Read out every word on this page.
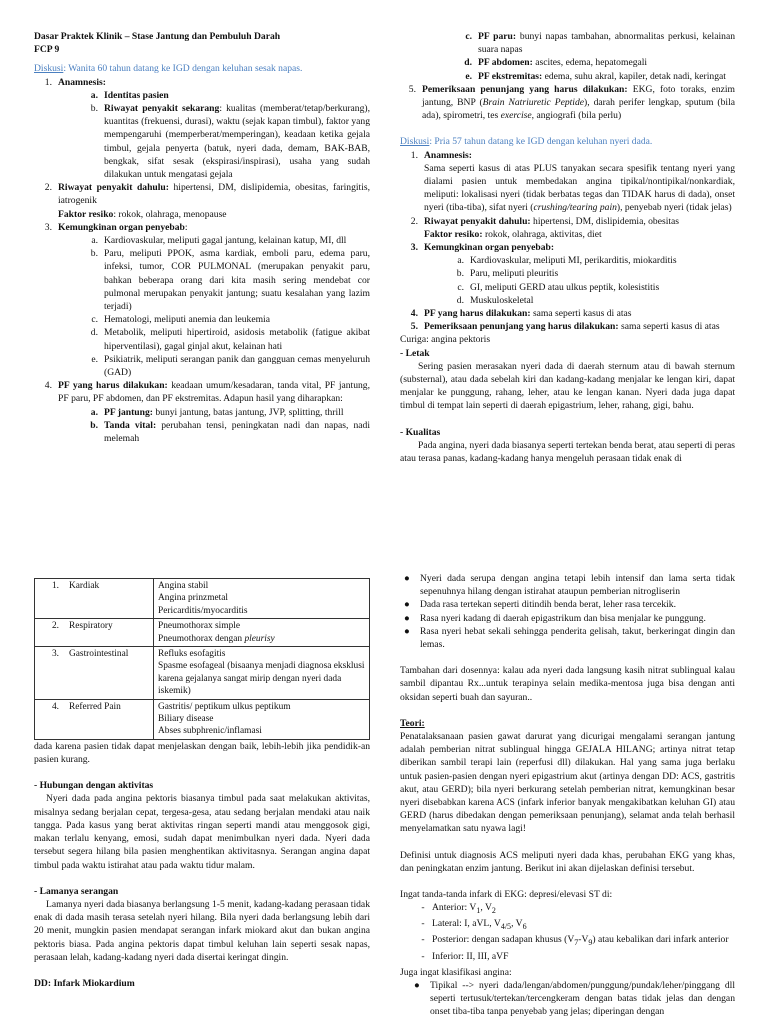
Dasar Praktek Klinik – Stase Jantung dan Pembuluh Darah

FCP 9

Diskusi: Wanita 60 tahun datang ke IGD dengan keluhan sesak napas.

1. Anamnesis:
a. Identitas pasien
b. Riwayat penyakit sekarang: kualitas (memberat/tetap/berkurang), kuantitas (frekuensi, durasi), waktu (sejak kapan timbul), faktor yang mempengaruhi (memperberat/memperingan), keadaan ketika gejala timbul, gejala penyerta (batuk, nyeri dada, demam, BAK-BAB, bengkak, sifat sesak (ekspirasi/inspirasi), usaha yang sudah dilakukan untuk mengatasi gejala
2. Riwayat penyakit dahulu: hipertensi, DM, dislipidemia, obesitas, faringitis, iatrogenik
Faktor resiko: rokok, olahraga, menopause
3. Kemungkinan organ penyebab:
a. Kardiovaskular, meliputi gagal jantung, kelainan katup, MI, dll
b. Paru, meliputi PPOK, asma kardiak, emboli paru, edema paru, infeksi, tumor, COR PULMONAL (merupakan penyakit paru, bahkan beberapa orang dari kita masih sering mendebat cor pulmonal merupakan penyakit jantung; suatu kesalahan yang lazim terjadi)
c. Hematologi, meliputi anemia dan leukemia
d. Metabolik, meliputi hipertiroid, asidosis metabolik (fatigue akibat hiperventilasi), gagal ginjal akut, kelainan hati
e. Psikiatrik, meliputi serangan panik dan gangguan cemas menyeluruh (GAD)
4. PF yang harus dilakukan: keadaan umum/kesadaran, tanda vital, PF jantung, PF paru, PF abdomen, dan PF ekstremitas. Adapun hasil yang diharapkan:
a. PF jantung: bunyi jantung, batas jantung, JVP, splitting, thrill
b. Tanda vital: perubahan tensi, peningkatan nadi dan napas, nadi melemah
c. PF paru: bunyi napas tambahan, abnormalitas perkusi, kelainan suara napas
d. PF abdomen: ascites, edema, hepatomegali
e. PF ekstremitas: edema, suhu akral, kapiler, detak nadi, keringat
5. Pemeriksaan penunjang yang harus dilakukan: EKG, foto toraks, enzim jantung, BNP (Brain Natriuretic Peptide), darah perifer lengkap, sputum (bila ada), spirometri, tes exercise, angiografi (bila perlu)

Diskusi: Pria 57 tahun datang ke IGD dengan keluhan nyeri dada.

1. Anamnesis:
Sama seperti kasus di atas PLUS tanyakan secara spesifik tentang nyeri yang dialami pasien untuk membedakan angina tipikal/nontipikal/nonkardiak, meliputi: lokalisasi nyeri (tidak berbatas tegas dan TIDAK harus di dada), onset nyeri (tiba-tiba), sifat nyeri (crushing/tearing pain), penyebab nyeri (tidak jelas)
2. Riwayat penyakit dahulu: hipertensi, DM, dislipidemia, obesitas
Faktor resiko: rokok, olahraga, aktivitas, diet
3. Kemungkinan organ penyebab:
a. Kardiovaskular, meliputi MI, perikarditis, miokarditis
b. Paru, meliputi pleuritis
c. GI, meliputi GERD atau ulkus peptik, kolesistitis
d. Muskuloskeletal
4. PF yang harus dilakukan: sama seperti kasus di atas
5. Pemeriksaan penunjang yang harus dilakukan: sama seperti kasus di atas

Curiga: angina pektoris

- Letak

Sering pasien merasakan nyeri dada di daerah sternum atau di bawah sternum (substernal), atau dada sebelah kiri dan kadang-kadang menjalar ke lengan kiri, dapat menjalar ke punggung, rahang, leher, atau ke lengan kanan. Nyeri dada juga dapat timbul di tempat lain seperti di daerah epigastrium, leher, rahang, gigi, bahu.

- Kualitas

Pada angina, nyeri dada biasanya seperti tertekan benda berat, atau seperti di peras atau terasa panas, kadang-kadang hanya mengeluh perasaan tidak enak di

1. Kardiak	Angina stabil
Angina prinzmetal
Pericarditis/myocarditis

2. Respiratory	Pneumothorax simple
Pneumothorax dengan pleurisy

3. Gastrointestinal	Refluks esofagitis
Spasme esofageal (bisaanya menjadi diagnosa eksklusi karena gejalanya sangat mirip dengan nyeri dada iskemik)

4. Referred Pain	Gastritis/ peptikum ulkus peptikum
Biliary disease
Abses subphrenic/inflamasi

dada karena pasien tidak dapat menjelaskan dengan baik, lebih-lebih jika pendidik-an pasien kurang.

- Hubungan dengan aktivitas

Nyeri dada pada angina pektoris biasanya timbul pada saat melakukan aktivitas, misalnya sedang berjalan cepat, tergesa-gesa, atau sedang berjalan mendaki atau naik tangga. Pada kasus yang berat aktivitas ringan seperti mandi atau menggosok gigi, makan terlalu kenyang, emosi, sudah dapat menimbulkan nyeri dada. Nyeri dada tersebut segera hilang bila pasien menghentikan aktivitasnya. Serangan angina dapat timbul pada waktu istirahat atau pada waktu tidur malam.

- Lamanya serangan

Lamanya nyeri dada biasanya berlangsung 1-5 menit, kadang-kadang perasaan tidak enak di dada masih terasa setelah nyeri hilang. Bila nyeri dada berlangsung lebih dari 20 menit, mungkin pasien mendapat serangan infark miokard akut dan bukan angina pektoris biasa. Pada angina pektoris dapat timbul keluhan lain seperti sesak napas, perasaan lelah, kadang-kadang nyeri dada disertai keringat dingin.

DD: Infark Miokardium

●	Nyeri dada serupa dengan angina tetapi lebih intensif dan lama serta tidak sepenuhnya hilang dengan istirahat ataupun pemberian nitrogliserin
●	Dada rasa tertekan seperti ditindih benda berat, leher rasa tercekik.
●	Rasa nyeri kadang di daerah epigastrikum dan bisa menjalar ke punggung.
●	Rasa nyeri hebat sekali sehingga penderita gelisah, takut, berkeringat dingin dan lemas.

Tambahan dari dosennya: kalau ada nyeri dada langsung kasih nitrat sublingual kalau sambil dipantau Rx...untuk terapinya selain medika-mentosa juga bisa dengan anti oksidan seperti buah dan sayuran..

Teori:

Penatalaksanaan pasien gawat darurat yang dicurigai mengalami serangan jantung adalah pemberian nitrat sublingual hingga GEJALA HILANG; artinya nitrat tetap diberikan sambil terapi lain (reperfusi dll) dilakukan. Hal yang sama juga berlaku untuk pasien-pasien dengan nyeri epigastrium akut (artinya dengan DD: ACS, gastritis akut, atau GERD); bila nyeri berkurang setelah pemberian nitrat, kemungkinan besar nyeri disebabkan karena ACS (infark inferior banyak mengakibatkan keluhan GI) atau GERD (harus dibedakan dengan pemeriksaan penunjang), selamat anda telah berhasil menyelamatkan satu nyawa lagi!

Definisi untuk diagnosis ACS meliputi nyeri dada khas, perubahan EKG yang khas, dan peningkatan enzim jantung. Berikut ini akan dijelaskan definisi tersebut.

Ingat tanda-tanda infark di EKG: depresi/elevasi ST di:

- Anterior: $V_1$, $V_2$
- Lateral: I, aVL, $V_{4/5}$, $V_6$
- Posterior: dengan sadapan khusus $(V_7-V_9)$ atau kebalikan dari infark anterior
- Inferior: II, III, aVF

Juga ingat klasifikasi angina:

●	Tipikal --> nyeri dada/lengan/abdomen/punggung/pundak/leher/pinggang dll seperti tertusuk/tertekan/tercengkeram dengan batas tidak jelas dan dengan onset tiba-tiba tanpa penyebab yang jelas; diperingan dengan
